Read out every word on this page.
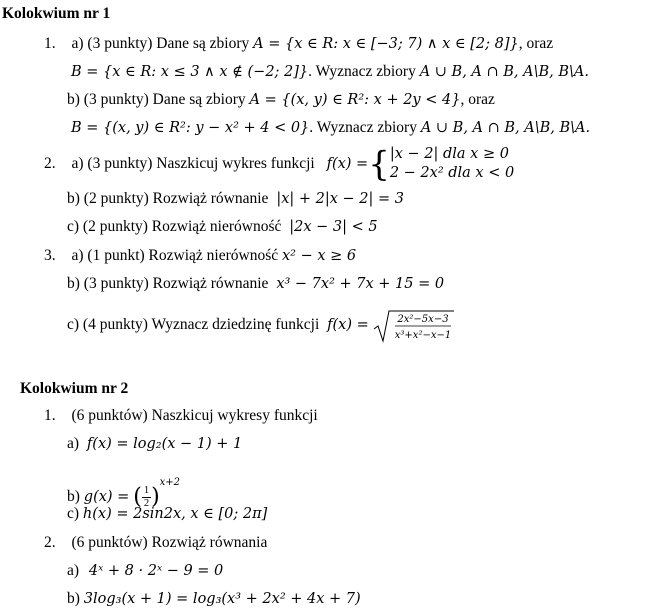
Kolokwium nr 1
1. a) (3 punkty) Dane są zbiory A = {x ∈ R: x ∈ [−3; 7) ∧ x ∈ [2; 8]}, oraz
B = {x ∈ R: x ≤ 3 ∧ x ∉ (−2; 2]}. Wyznacz zbiory A ∪ B, A ∩ B, A\B, B\A.
b) (3 punkty) Dane są zbiory A = {(x, y) ∈ R²: x + 2y < 4}, oraz
B = {(x, y) ∈ R²: y − x² + 4 < 0}. Wyznacz zbiory A ∪ B, A ∩ B, A\B, B\A.
2. a) (3 punkty) Naszkicuj wykres funkcji f(x) ={ |x − 2| dla x ≥ 0
2 − 2x² dla x < 0
b) (2 punkty) Rozwiąż równanie |x| + 2|x − 2| = 3
c) (2 punkty) Rozwiąż nierówność |2x − 3| < 5
3. a) (1 punkt) Rozwiąż nierówność x² − x ≥ 6
b) (3 punkty) Rozwiąż równanie x³ − 7x² + 7x + 15 = 0
c) (4 punkty) Wyznacz dziedzinę funkcji f(x) =	2x²−5x−3
x³+x²−x−1
Kolokwium nr 2
1. (6 punktów) Naszkicuj wykresy funkcji
a) f(x) = log₂(x − 1) + 1
b) g(x) = ( $\frac{1}{2} )^{x+2}$
c) h(x) = 2sin2x, x ∈ [0; 2π]
2. (6 punktów) Rozwiąż równania
a) 4ˣ + 8 · 2ˣ − 9 = 0
b) 3log₃(x + 1) = log₃(x³ + 2x² + 4x + 7)
